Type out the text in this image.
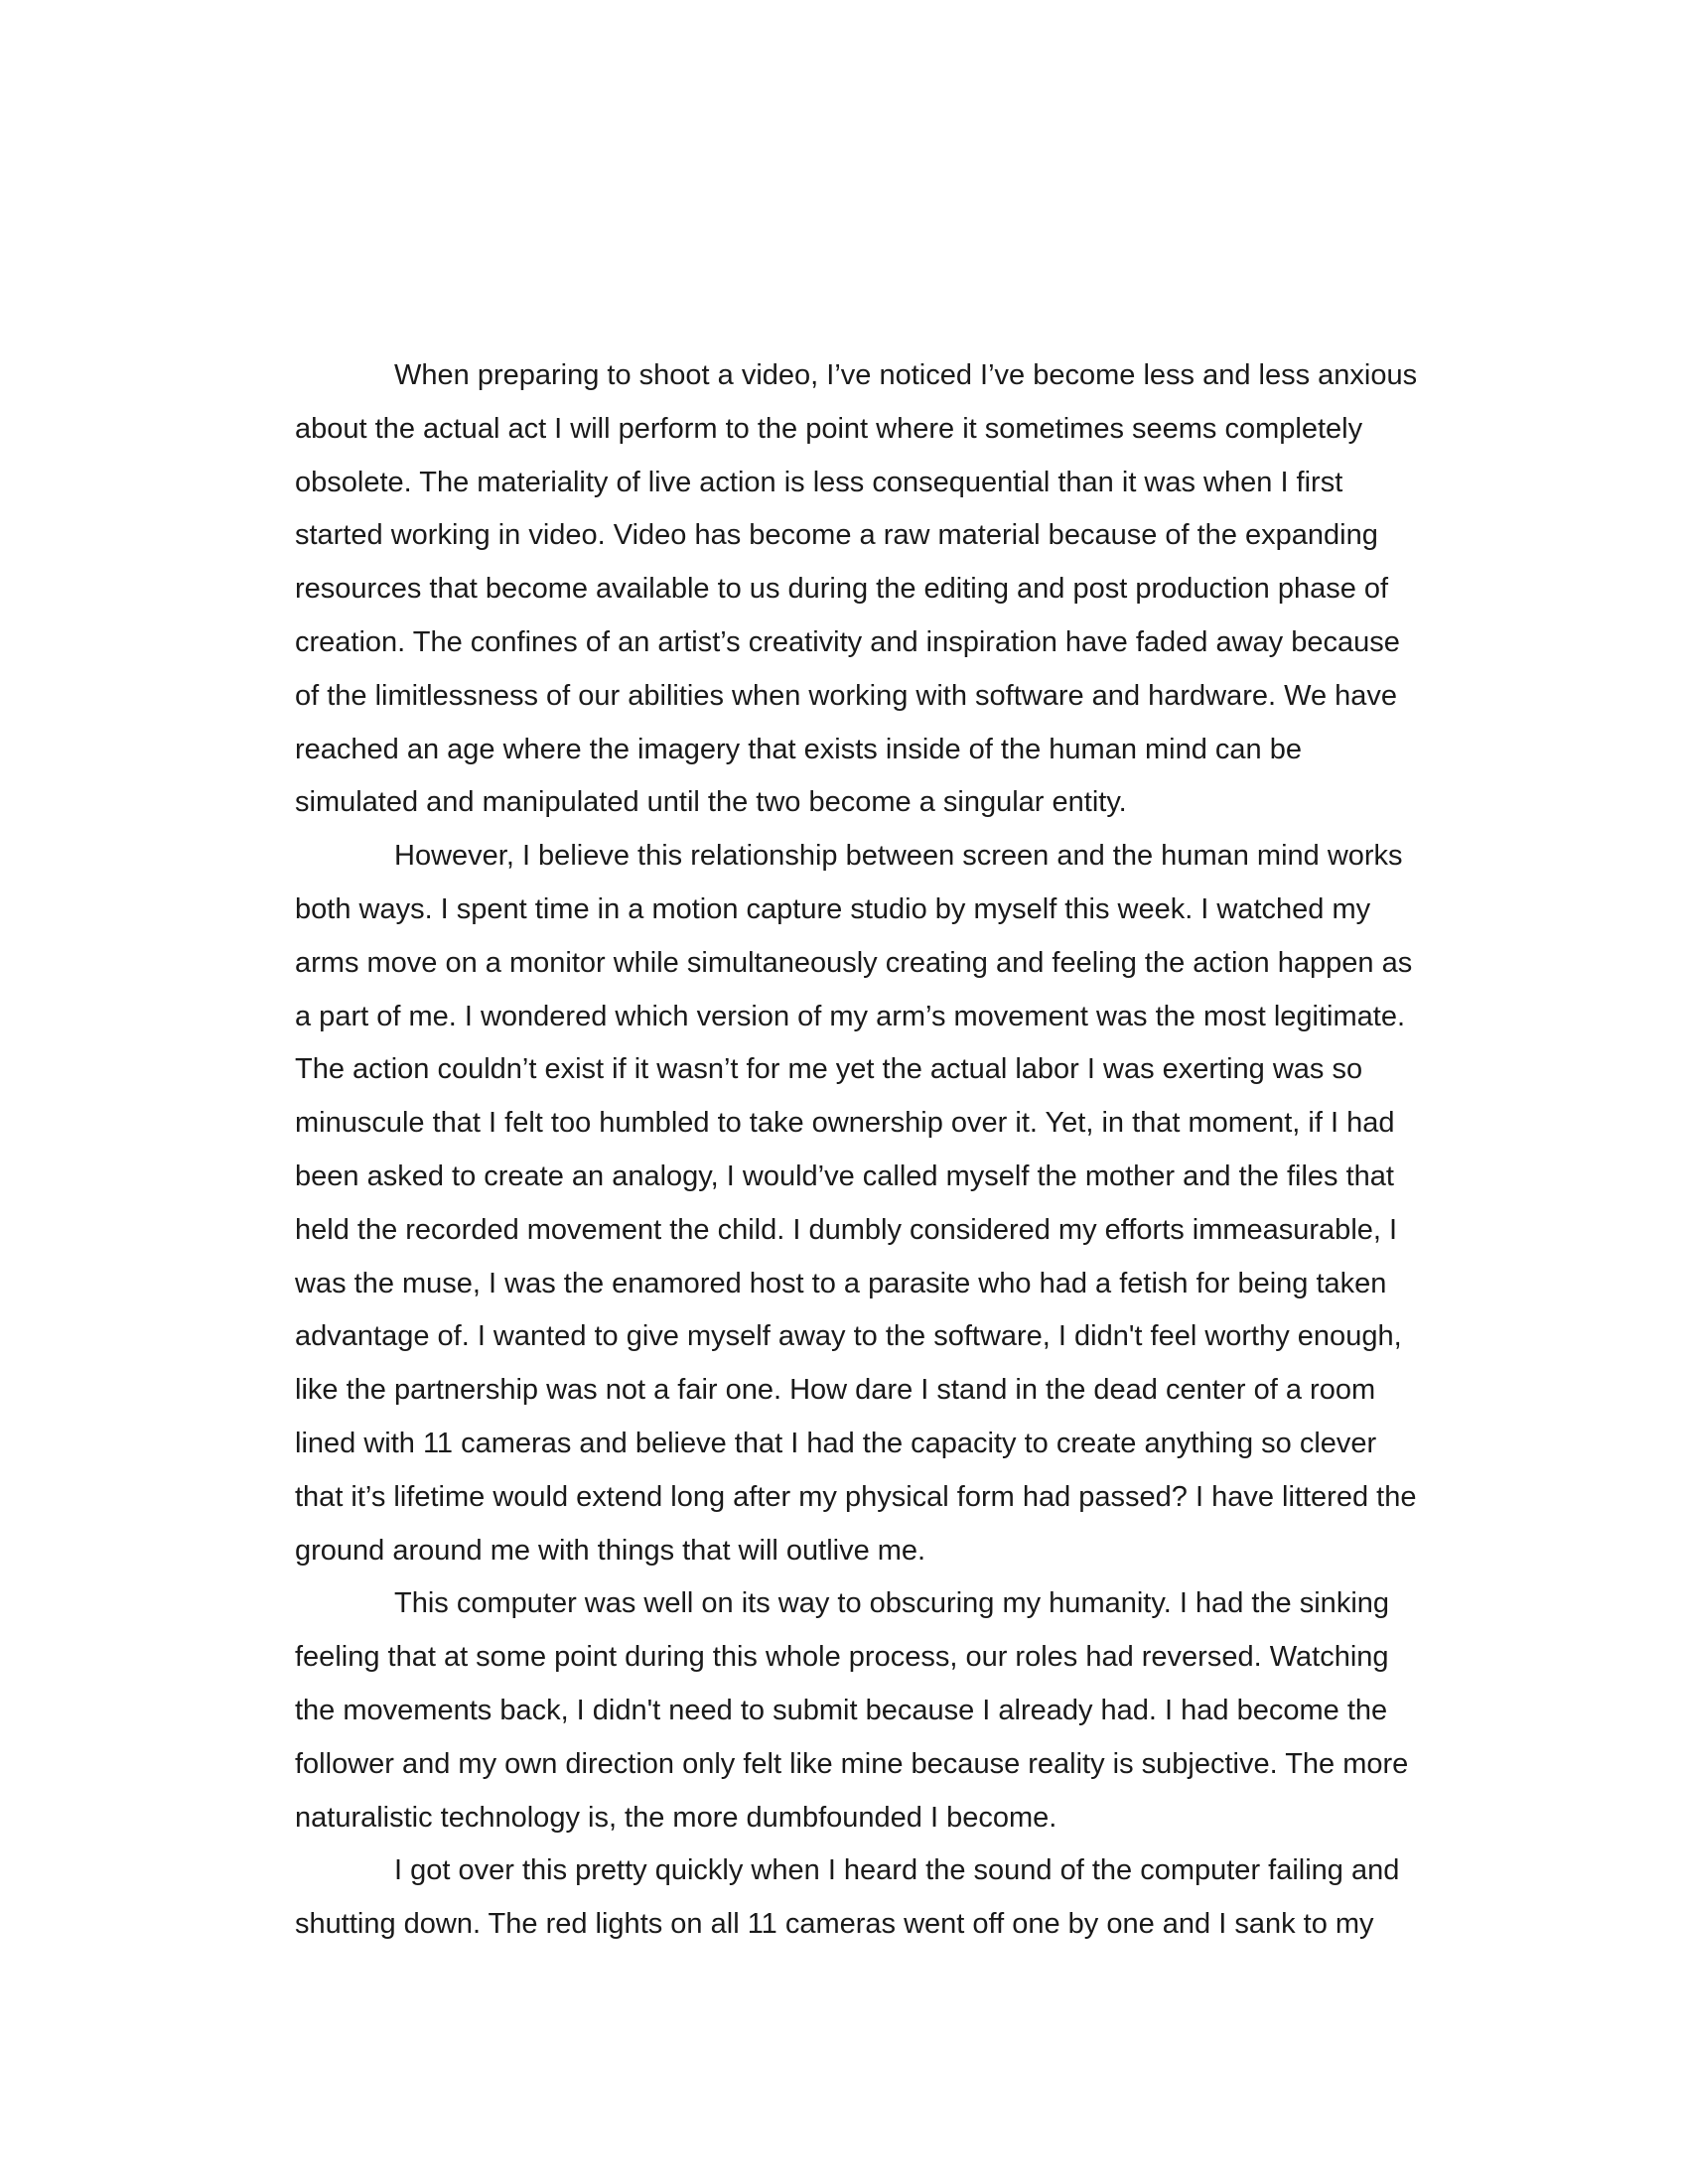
When preparing to shoot a video, I’ve noticed I’ve become less and less anxious
about the actual act I will perform to the point where it sometimes seems completely
obsolete. The materiality of live action is less consequential than it was when I first
started working in video. Video has become a raw material because of the expanding
resources that become available to us during the editing and post production phase of
creation. The confines of an artist’s creativity and inspiration have faded away because
of the limitlessness of our abilities when working with software and hardware. We have
reached an age where the imagery that exists inside of the human mind can be
simulated and manipulated until the two become a singular entity.
However, I believe this relationship between screen and the human mind works
both ways. I spent time in a motion capture studio by myself this week. I watched my
arms move on a monitor while simultaneously creating and feeling the action happen as
a part of me. I wondered which version of my arm’s movement was the most legitimate.
The action couldn’t exist if it wasn’t for me yet the actual labor I was exerting was so
minuscule that I felt too humbled to take ownership over it. Yet, in that moment, if I had
been asked to create an analogy, I would’ve called myself the mother and the files that
held the recorded movement the child. I dumbly considered my efforts immeasurable, I
was the muse, I was the enamored host to a parasite who had a fetish for being taken
advantage of. I wanted to give myself away to the software, I didn't feel worthy enough,
like the partnership was not a fair one. How dare I stand in the dead center of a room
lined with 11 cameras and believe that I had the capacity to create anything so clever
that it’s lifetime would extend long after my physical form had passed? I have littered the
ground around me with things that will outlive me.
This computer was well on its way to obscuring my humanity. I had the sinking
feeling that at some point during this whole process, our roles had reversed. Watching
the movements back, I didn't need to submit because I already had. I had become the
follower and my own direction only felt like mine because reality is subjective. The more
naturalistic technology is, the more dumbfounded I become.
I got over this pretty quickly when I heard the sound of the computer failing and
shutting down. The red lights on all 11 cameras went off one by one and I sank to my
